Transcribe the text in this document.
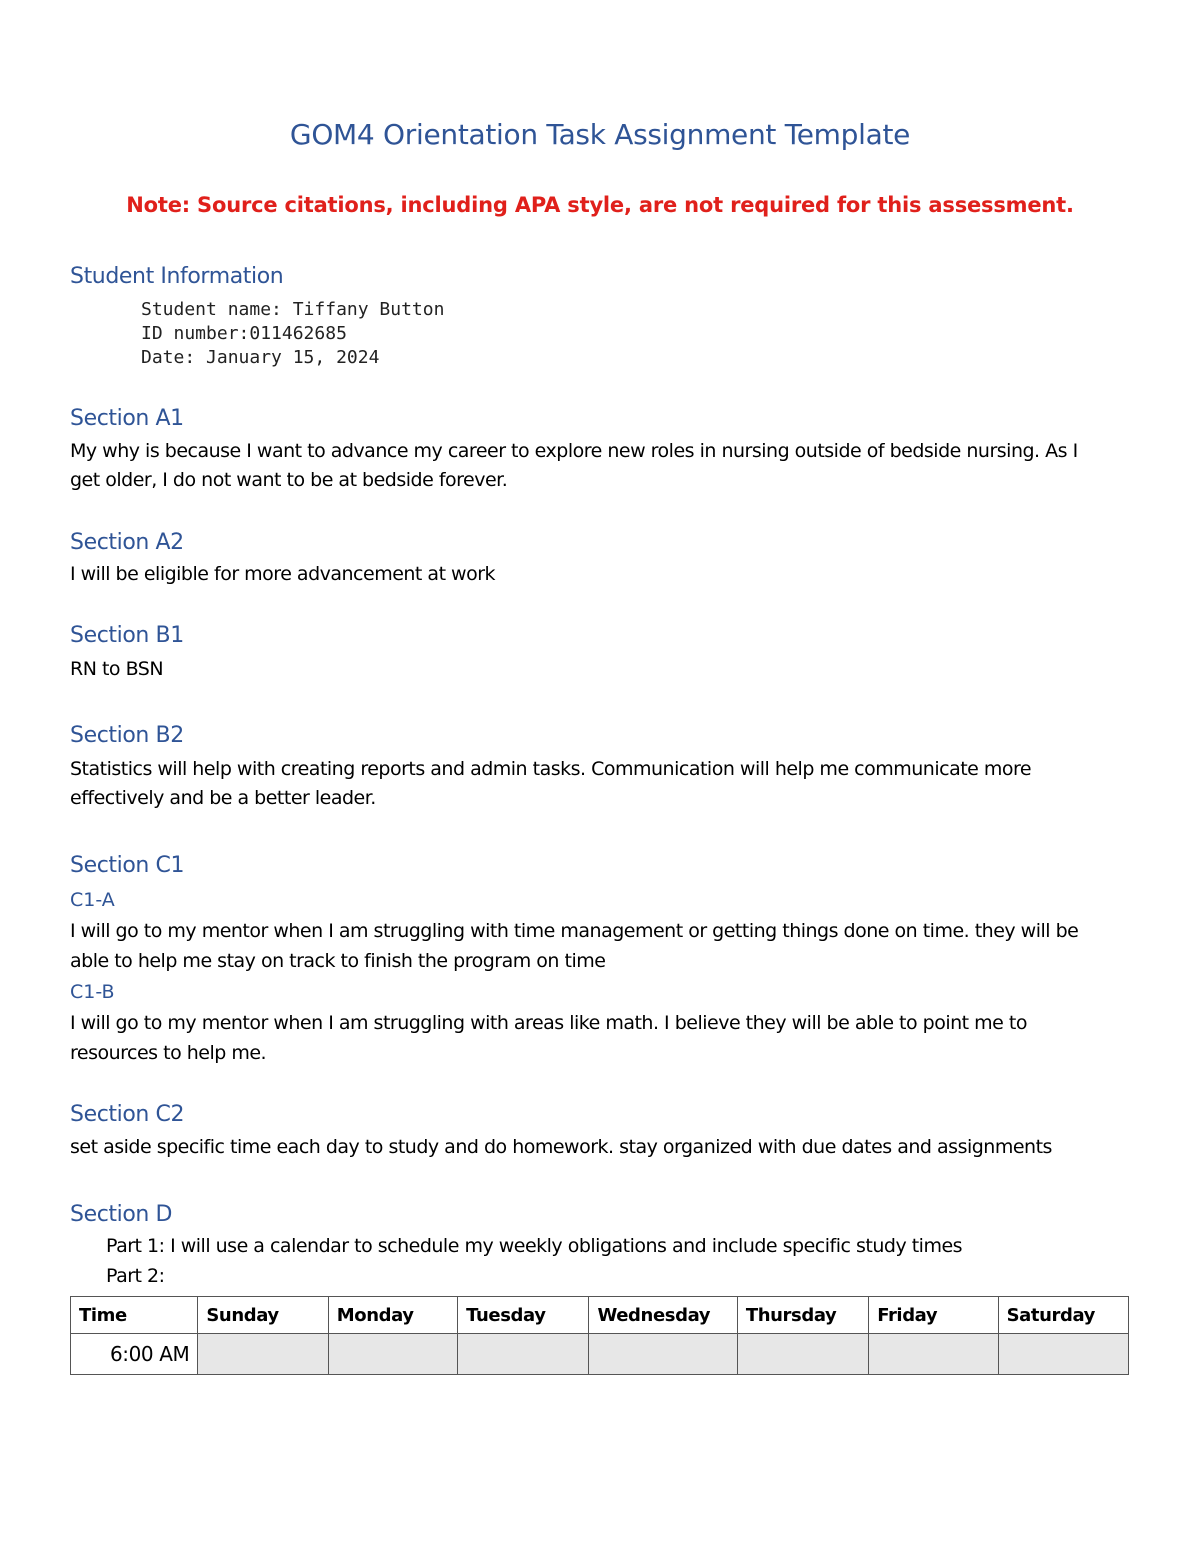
GOM4 Orientation Task Assignment Template
Note: Source citations, including APA style, are not required for this assessment.
Student Information
Student name: Tiffany Button
ID number:011462685
Date: January 15, 2024
Section A1
My why is because I want to advance my career to explore new roles in nursing outside of bedside nursing. As I
get older, I do not want to be at bedside forever.
Section A2
I will be eligible for more advancement at work
Section B1
RN to BSN
Section B2
Statistics will help with creating reports and admin tasks. Communication will help me communicate more
effectively and be a better leader.
Section C1
C1-A
I will go to my mentor when I am struggling with time management or getting things done on time. they will be
able to help me stay on track to finish the program on time
C1-B
I will go to my mentor when I am struggling with areas like math. I believe they will be able to point me to
resources to help me.
Section C2
set aside specific time each day to study and do homework. stay organized with due dates and assignments
Section D
Part 1: I will use a calendar to schedule my weekly obligations and include specific study times
Part 2:
Time	Sunday	Monday	Tuesday	Wednesday	Thursday	Friday	Saturday
6:00 AM							
